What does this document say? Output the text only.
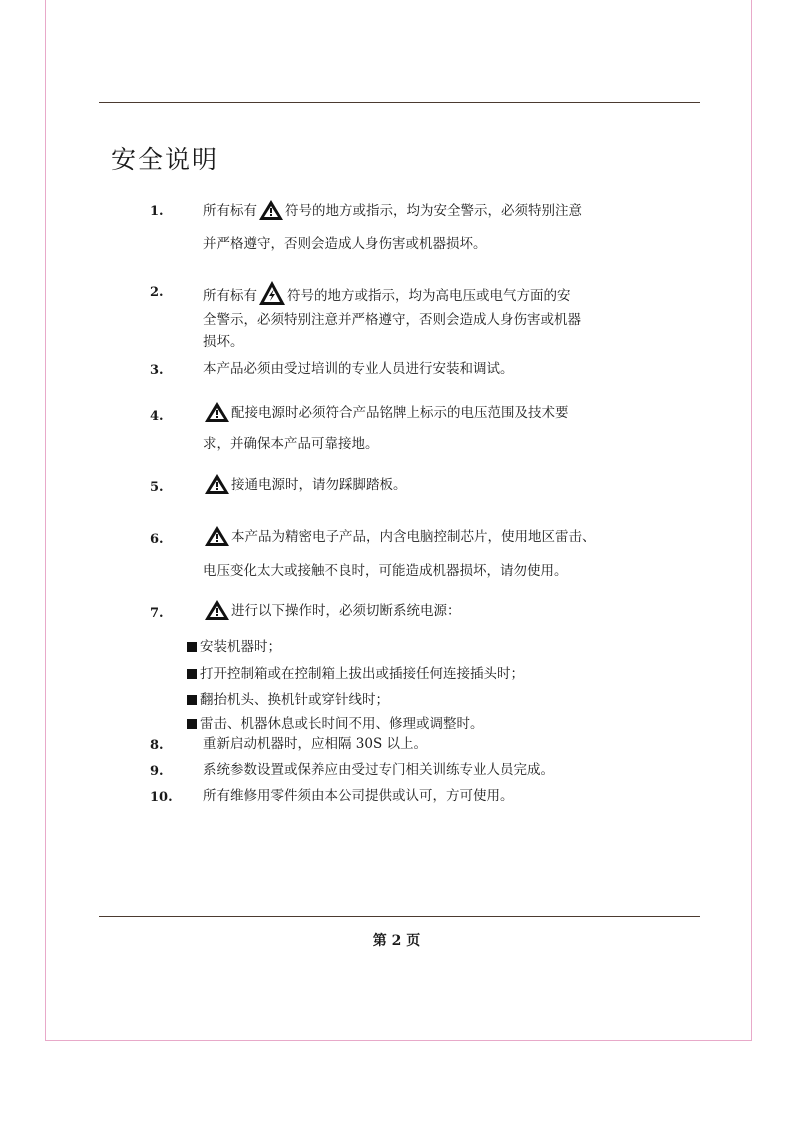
安全说明
1.	所有标有 符号的地方或指示，均为安全警示，必须特别注意
并严格遵守，否则会造成人身伤害或机器损坏。
2.	所有标有 符号的地方或指示，均为高电压或电气方面的安
全警示，必须特别注意并严格遵守，否则会造成人身伤害或机器
损坏。
3.	本产品必须由受过培训的专业人员进行安装和调试。
4.	配接电源时必须符合产品铭牌上标示的电压范围及技术要
求，并确保本产品可靠接地。
5.	接通电源时，请勿踩脚踏板。
6.	本产品为精密电子产品，内含电脑控制芯片，使用地区雷击、
电压变化太大或接触不良时，可能造成机器损坏，请勿使用。
7.	进行以下操作时，必须切断系统电源：
安装机器时；
打开控制箱或在控制箱上拔出或插接任何连接插头时；
翻抬机头、换机针或穿针线时；
雷击、机器休息或长时间不用、修理或调整时。
8.	重新启动机器时，应相隔 30S 以上。
9.	系统参数设置或保养应由受过专门相关训练专业人员完成。
10. 所有维修用零件须由本公司提供或认可，方可使用。
第 2 页
